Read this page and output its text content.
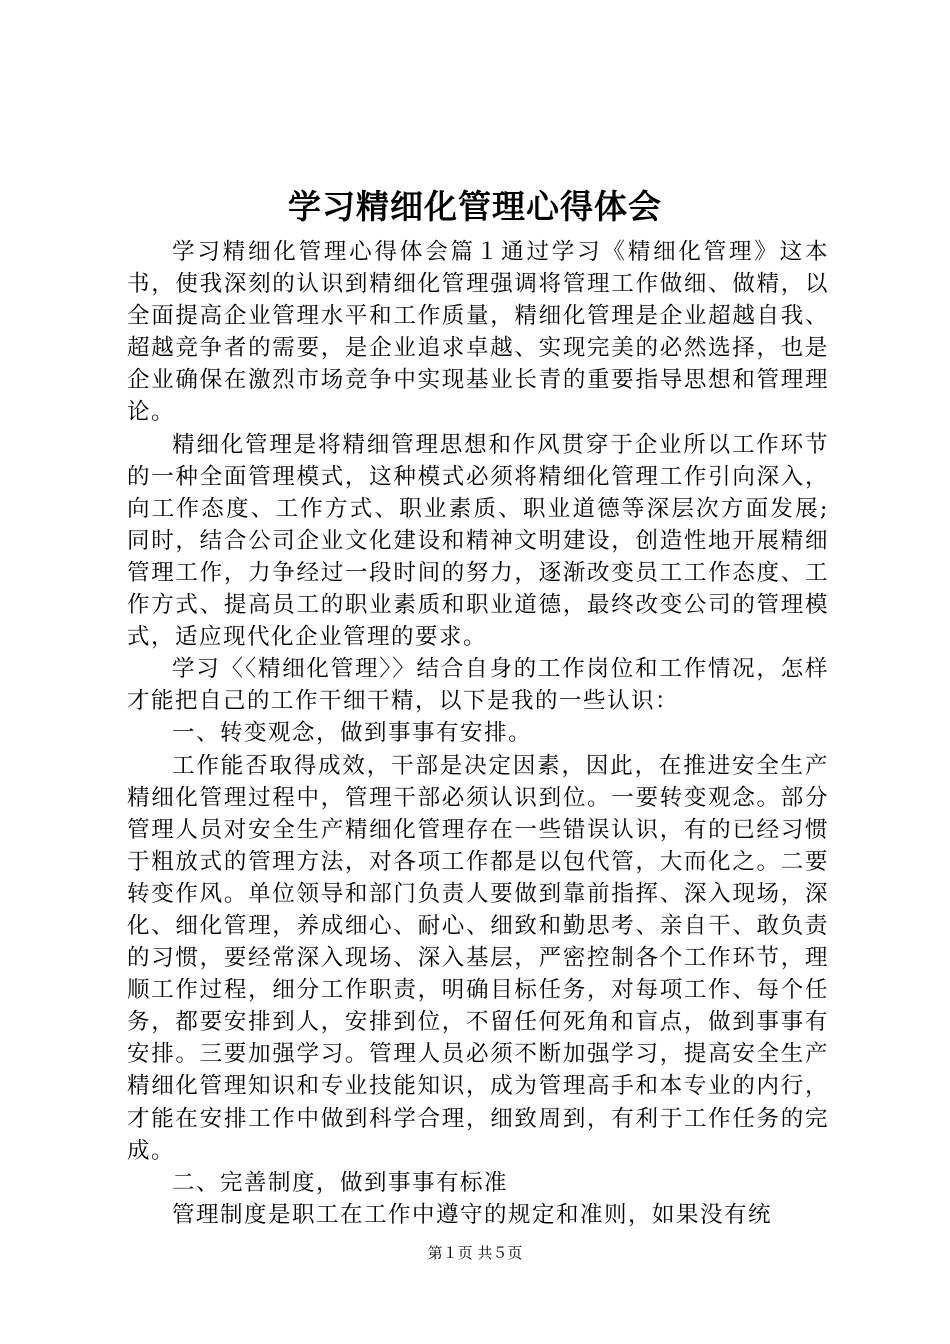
学习精细化管理心得体会

学习精细化管理心得体会篇１通过学习《精细化管理》这本书，使我深刻的认识到精细化管理强调将管理工作做细、做精，以全面提高企业管理水平和工作质量，精细化管理是企业超越自我、超越竞争者的需要，是企业追求卓越、实现完美的必然选择，也是企业确保在激烈市场竞争中实现基业长青的重要指导思想和管理理论。

精细化管理是将精细管理思想和作风贯穿于企业所以工作环节的一种全面管理模式，这种模式必须将精细化管理工作引向深入，向工作态度、工作方式、职业素质、职业道德等深层次方面发展;同时，结合公司企业文化建设和精神文明建设，创造性地开展精细管理工作，力争经过一段时间的努力，逐渐改变员工工作态度、工作方式、提高员工的职业素质和职业道德，最终改变公司的管理模式，适应现代化企业管理的要求。

学习〈〈精细化管理〉〉结合自身的工作岗位和工作情况，怎样才能把自己的工作干细干精，以下是我的一些认识：

一、转变观念，做到事事有安排。

工作能否取得成效，干部是决定因素，因此，在推进安全生产精细化管理过程中，管理干部必须认识到位。一要转变观念。部分管理人员对安全生产精细化管理存在一些错误认识，有的已经习惯于粗放式的管理方法，对各项工作都是以包代管，大而化之。二要转变作风。单位领导和部门负责人要做到靠前指挥、深入现场，深化、细化管理，养成细心、耐心、细致和勤思考、亲自干、敢负责的习惯，要经常深入现场、深入基层，严密控制各个工作环节，理顺工作过程，细分工作职责，明确目标任务，对每项工作、每个任务，都要安排到人，安排到位，不留任何死角和盲点，做到事事有安排。三要加强学习。管理人员必须不断加强学习，提高安全生产精细化管理知识和专业技能知识，成为管理高手和本专业的内行，才能在安排工作中做到科学合理，细致周到，有利于工作任务的完成。

二、完善制度，做到事事有标准

管理制度是职工在工作中遵守的规定和准则，如果没有统

第１页 共５页
